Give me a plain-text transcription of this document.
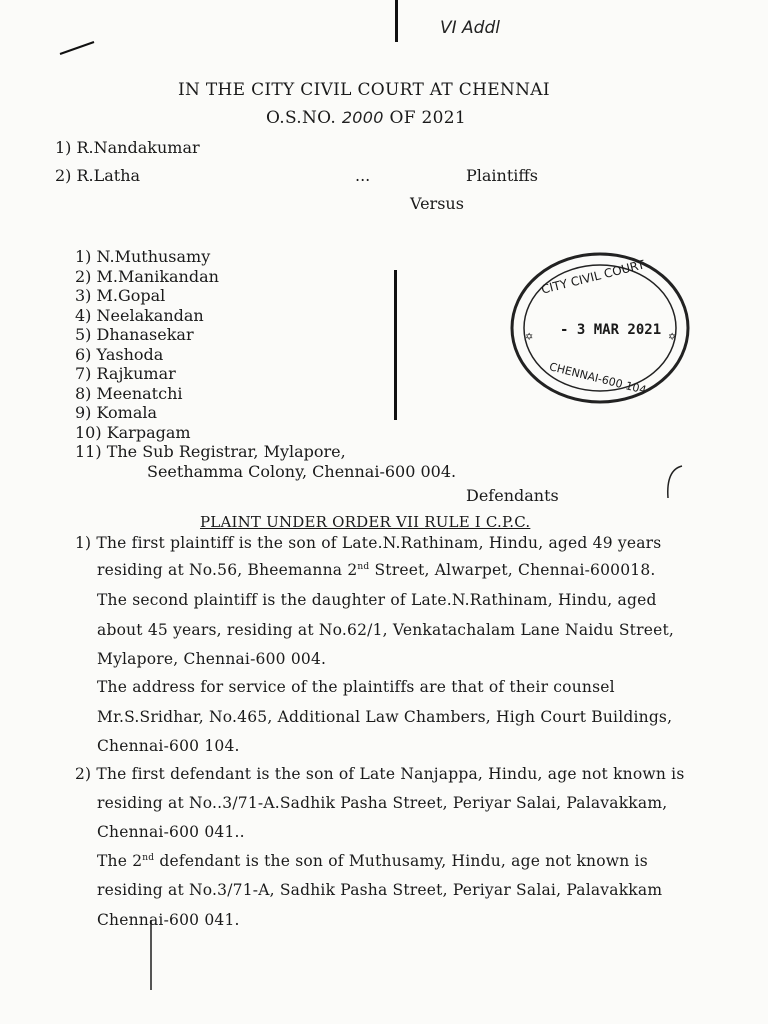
VI Addl
IN THE CITY CIVIL COURT AT CHENNAI
O.S.NO. 2000 OF 2021
1) R.Nandakumar
2) R.Latha	...	Plaintiffs
Versus
1) N.Muthusamy
2) M.Manikandan
3) M.Gopal
4) Neelakandan
5) Dhanasekar
6) Yashoda
7) Rajkumar
8) Meenatchi
9) Komala
10) Karpagam
11) The Sub Registrar, Mylapore,
Seethamma Colony, Chennai-600 004.
Defendants
✡	✡
CITY CIVIL COURT
- 3 MAR 2021
CHENNAI-600 104
PLAINT UNDER ORDER VII RULE I C.P.C.
1) The first plaintiff is the son of Late.N.Rathinam, Hindu, aged 49 years
residing at No.56, Bheemanna 2nd Street, Alwarpet, Chennai-600018.
The second plaintiff is the daughter of Late.N.Rathinam, Hindu, aged
about 45 years, residing at No.62/1, Venkatachalam Lane Naidu Street,
Mylapore, Chennai-600 004.
The address for service of the plaintiffs are that of their counsel
Mr.S.Sridhar, No.465, Additional Law Chambers, High Court Buildings,
Chennai-600 104.
2) The first defendant is the son of Late Nanjappa, Hindu, age not known is
residing at No..3/71-A.Sadhik Pasha Street, Periyar Salai, Palavakkam,
Chennai-600 041..
The 2nd defendant is the son of Muthusamy, Hindu, age not known is
residing at No.3/71-A, Sadhik Pasha Street, Periyar Salai, Palavakkam
Chennai-600 041.
